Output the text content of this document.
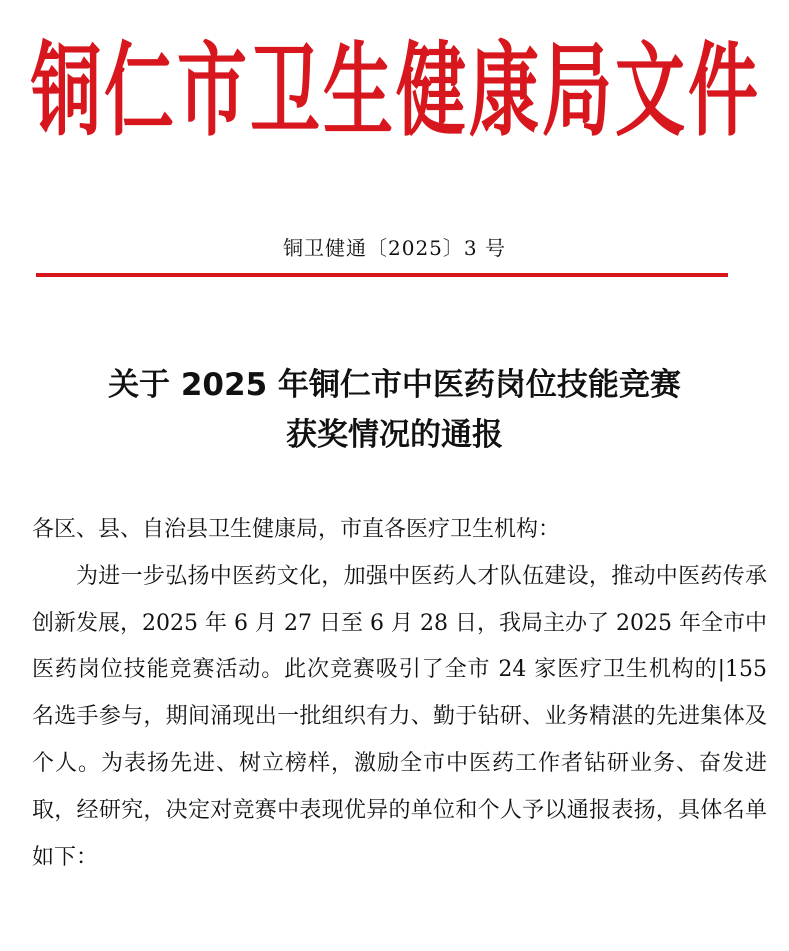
铜仁市卫生健康局文件
铜卫健通〔2025〕3 号
关于 2025 年铜仁市中医药岗位技能竞赛
获奖情况的通报

各区、县、自治县卫生健康局，市直各医疗卫生机构：

为进一步弘扬中医药文化，加强中医药人才队伍建设，推动中医药传承创新发展，2025 年 6 月 27 日至 6 月 28 日，我局主办了 2025 年全市中医药岗位技能竞赛活动。此次竞赛吸引了全市 24 家医疗卫生机构的|155 名选手参与，期间涌现出一批组织有力、勤于钻研、业务精湛的先进集体及个人。为表扬先进、树立榜样，激励全市中医药工作者钻研业务、奋发进取，经研究，决定对竞赛中表现优异的单位和个人予以通报表扬，具体名单如下：
